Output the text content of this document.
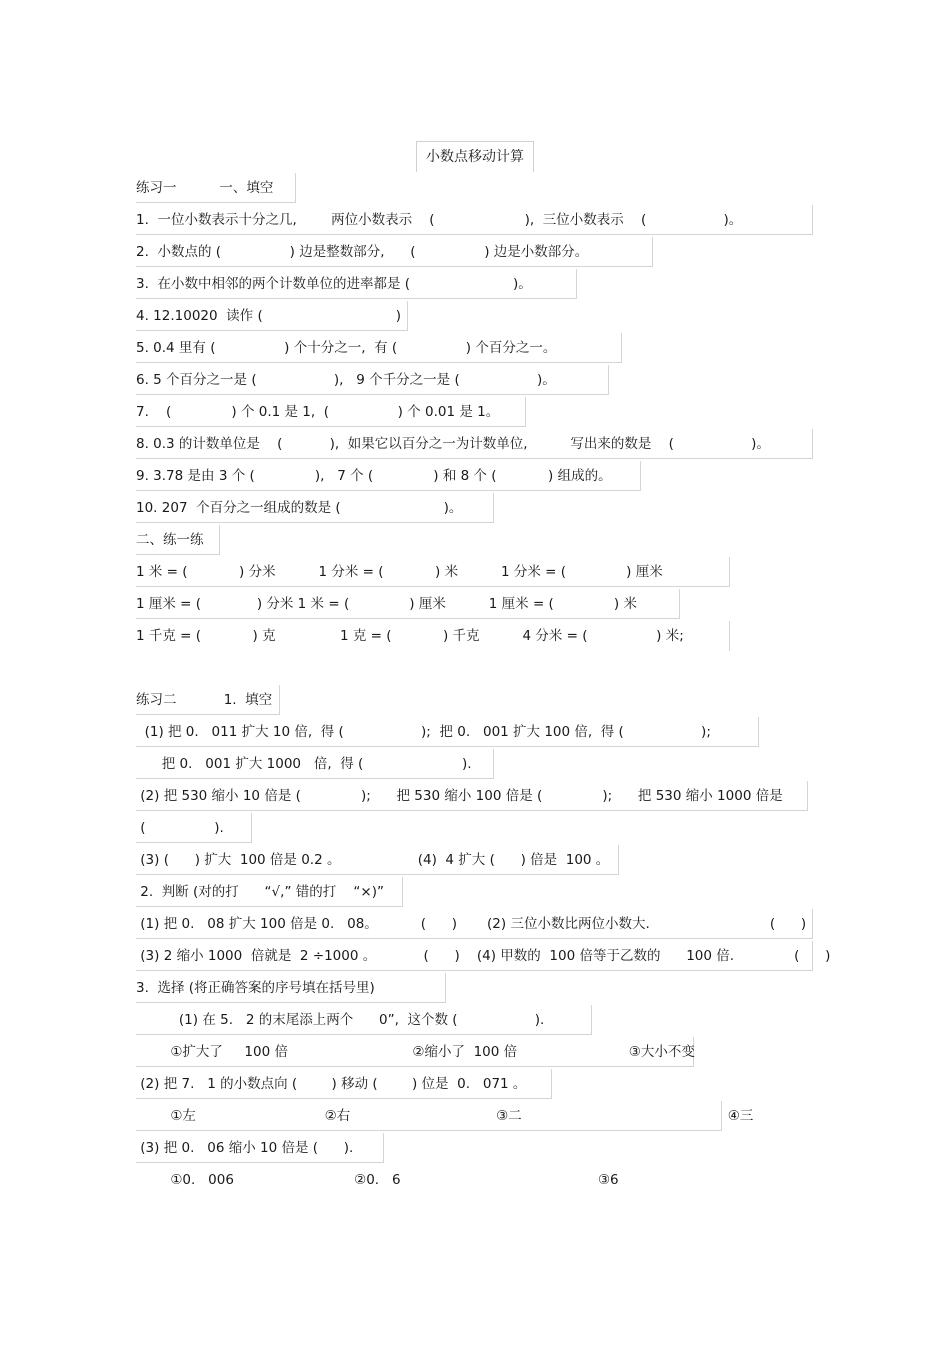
小数点移动计算
练习一          一、填空
1.  一位小数表示十分之几,        两位小数表示    (                     ),  三位小数表示    (                  )。
2.  小数点的 (                ) 边是整数部分,      (                ) 边是小数部分。
3.  在小数中相邻的两个计数单位的进率都是 (                        )。
4. 12.10020  读作 (                               )
5. 0.4 里有 (                ) 个十分之一,  有 (                ) 个百分之一。
6. 5 个百分之一是 (                  ),   9 个千分之一是 (                  )。
7.    (              ) 个 0.1 是 1,  (                ) 个 0.01 是 1。
8. 0.3 的计数单位是    (           ),  如果它以百分之一为计数单位,          写出来的数是    (                  )。
9. 3.78 是由 3 个 (              ),   7 个 (              ) 和 8 个 (            ) 组成的。
10. 207  个百分之一组成的数是 (                        )。
二、练一练
1 米 = (            ) 分米          1 分米 = (            ) 米          1 分米 = (              ) 厘米
1 厘米 = (             ) 分米 1 米 = (              ) 厘米          1 厘米 = (              ) 米
1 千克 = (            ) 克               1 克 = (            ) 千克          4 分米 = (                ) 米;
练习二           1.  填空
(1) 把 0.   011 扩大 10 倍,  得 (                  );  把 0.   001 扩大 100 倍,  得 (                  );
把 0.   001 扩大 1000   倍,  得 (                       ).
(2) 把 530 缩小 10 倍是 (              );      把 530 缩小 100 倍是 (              );      把 530 缩小 1000 倍是
(                ).
(3) (      ) 扩大  100 倍是 0.2 。                  (4)  4 扩大 (      ) 倍是  100 。
2.  判断 (对的打      “√,” 错的打    “×)”
(1) 把 0.   08 扩大 100 倍是 0.   08。          (      )       (2) 三位小数比两位小数大.                            (      )
(3) 2 缩小 1000  倍就是  2 ÷1000 。           (      )    (4) 甲数的  100 倍等于乙数的      100 倍.              (      )
3.  选择 (将正确答案的序号填在括号里)
(1) 在 5.   2 的末尾添上两个      0”,  这个数 (                  ).
①扩大了     100 倍                             ②缩小了  100 倍                          ③大小不变
(2) 把 7.   1 的小数点向 (        ) 移动 (        ) 位是  0.   071 。
①左                              ②右                                  ③二                                                ④三
(3) 把 0.   06 缩小 10 倍是 (      ).
①0.   006                            ②0.   6                                              ③6
